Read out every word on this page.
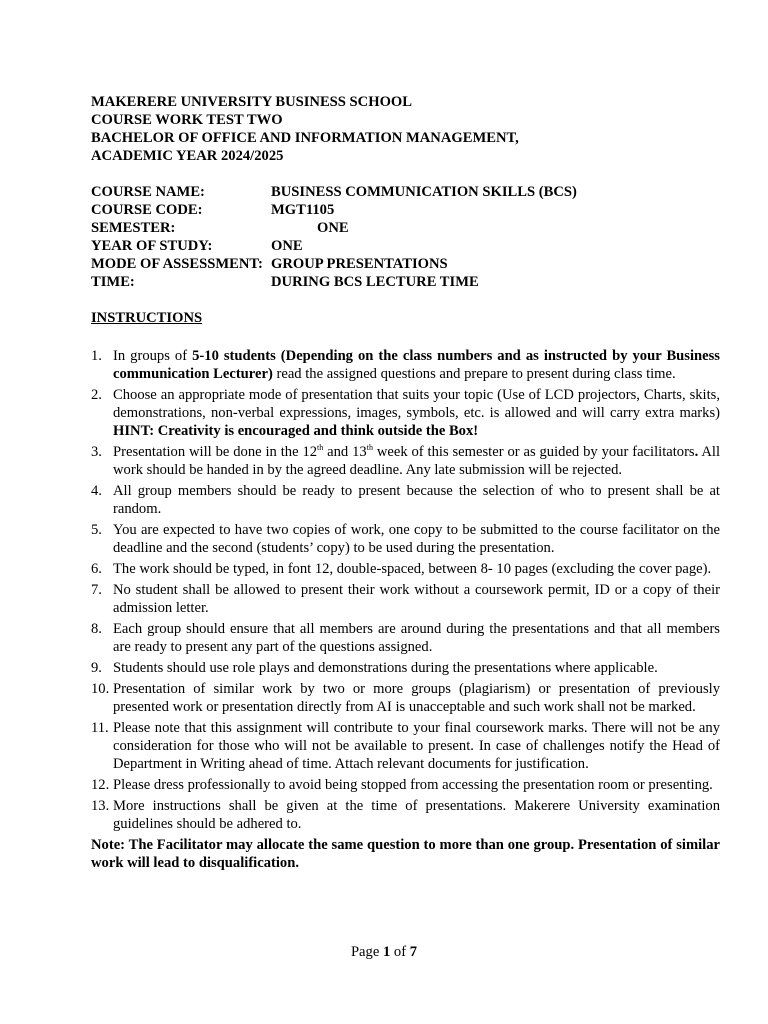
MAKERERE UNIVERSITY BUSINESS SCHOOL
COURSE WORK TEST TWO
BACHELOR OF OFFICE AND INFORMATION MANAGEMENT,
ACADEMIC YEAR 2024/2025
COURSE NAME:	BUSINESS COMMUNICATION SKILLS (BCS)
COURSE CODE:	MGT1105
SEMESTER:	ONE
YEAR OF STUDY:	ONE
MODE OF ASSESSMENT: GROUP PRESENTATIONS
TIME:	DURING BCS LECTURE TIME
INSTRUCTIONS
1. In groups of 5-10 students (Depending on the class numbers and as instructed by your Business communication Lecturer) read the assigned questions and prepare to present during class time.
2. Choose an appropriate mode of presentation that suits your topic (Use of LCD projectors, Charts, skits, demonstrations, non-verbal expressions, images, symbols, etc. is allowed and will carry extra marks) HINT: Creativity is encouraged and think outside the Box!
3. Presentation will be done in the 12th and 13th week of this semester or as guided by your facilitators. All work should be handed in by the agreed deadline. Any late submission will be rejected.
4. All group members should be ready to present because the selection of who to present shall be at random.
5. You are expected to have two copies of work, one copy to be submitted to the course facilitator on the deadline and the second (students’ copy) to be used during the presentation.
6. The work should be typed, in font 12, double-spaced, between 8- 10 pages (excluding the cover page).
7. No student shall be allowed to present their work without a coursework permit, ID or a copy of their admission letter.
8. Each group should ensure that all members are around during the presentations and that all members are ready to present any part of the questions assigned.
9. Students should use role plays and demonstrations during the presentations where applicable.
10. Presentation of similar work by two or more groups (plagiarism) or presentation of previously presented work or presentation directly from AI is unacceptable and such work shall not be marked.
11. Please note that this assignment will contribute to your final coursework marks. There will not be any consideration for those who will not be available to present. In case of challenges notify the Head of Department in Writing ahead of time. Attach relevant documents for justification.
12. Please dress professionally to avoid being stopped from accessing the presentation room or presenting.
13. More instructions shall be given at the time of presentations. Makerere University examination guidelines should be adhered to.
Note: The Facilitator may allocate the same question to more than one group. Presentation of similar work will lead to disqualification.
Page 1 of 7
